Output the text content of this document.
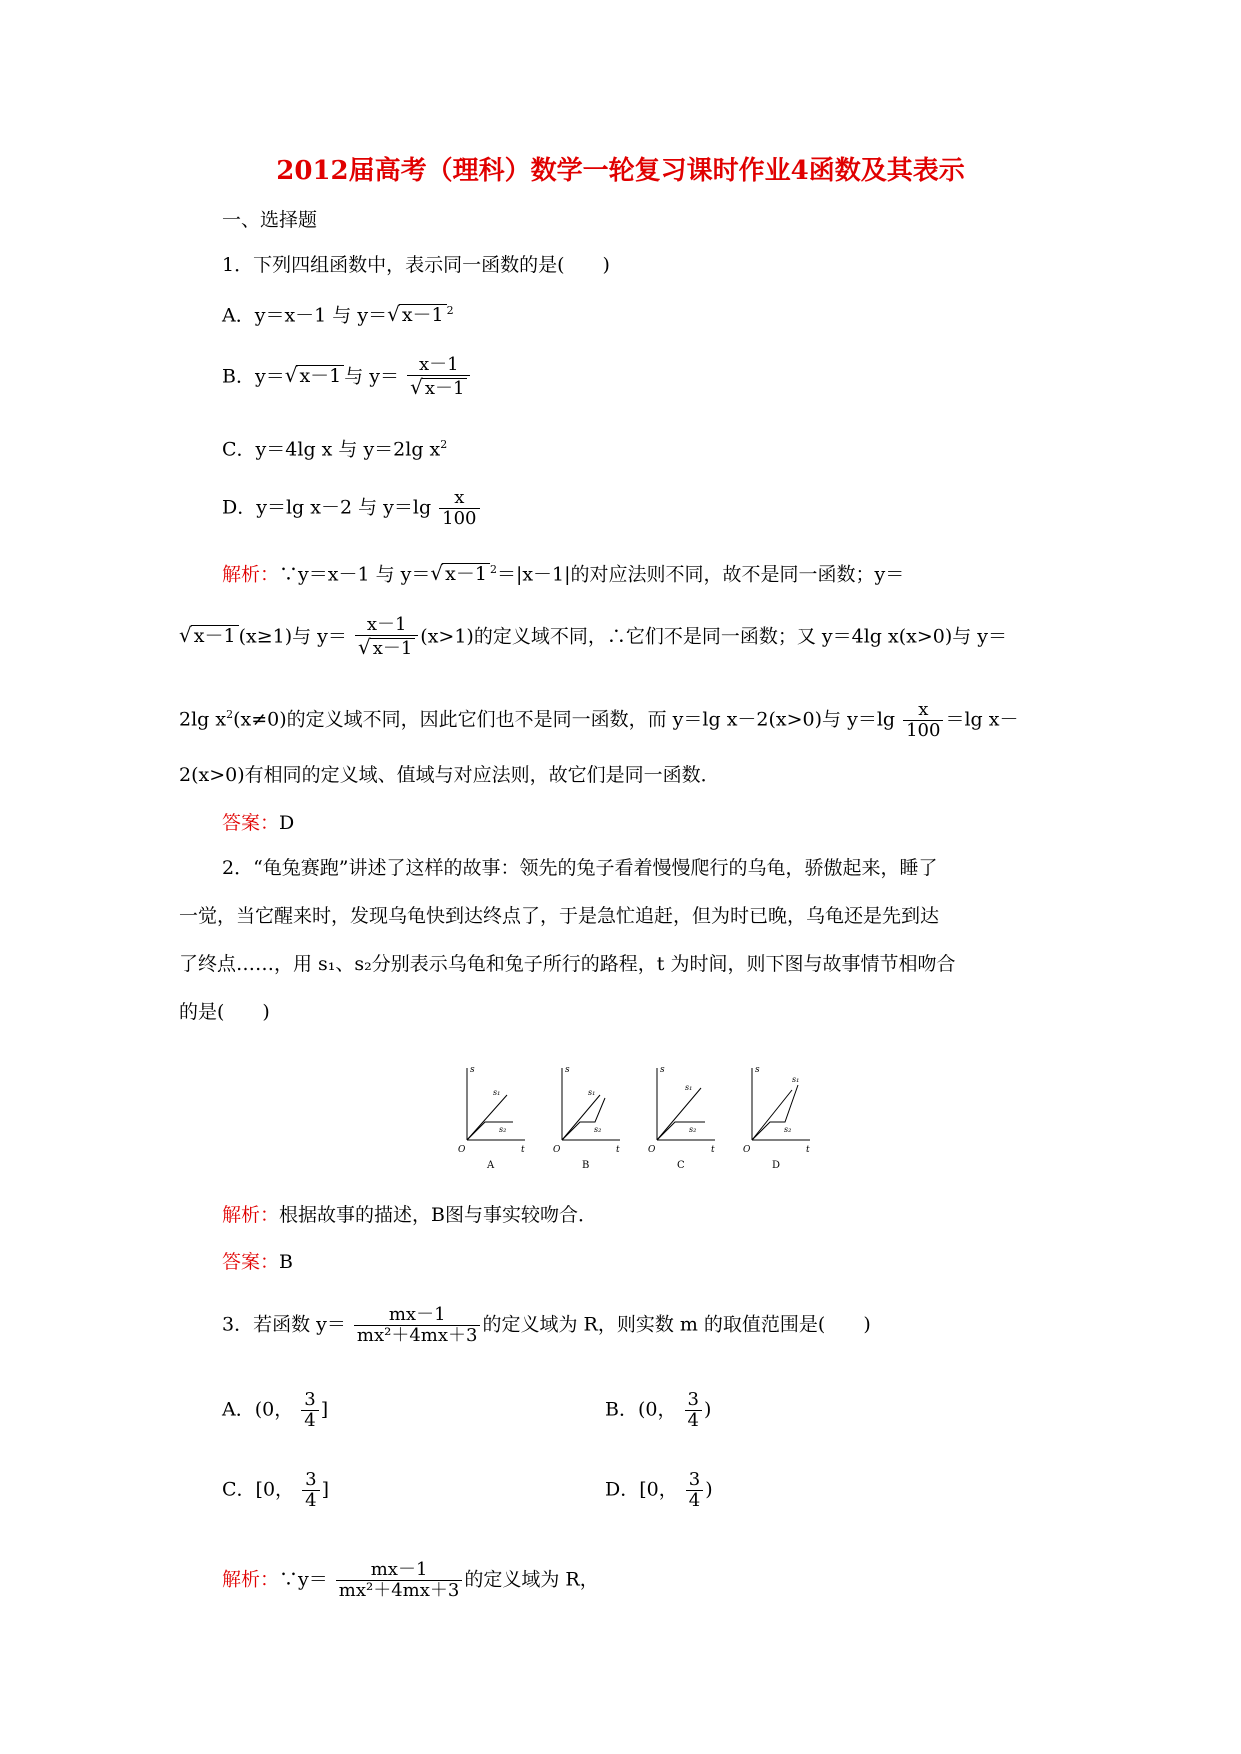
2012届高考（理科）数学一轮复习课时作业4函数及其表示
一、选择题
1．下列四组函数中，表示同一函数的是(　　)
A．y＝x－1 与 y＝√ x－1 $^2$
B．y＝√ x－1 与 $y= \frac{x-1}{√ x-1}$
C．y＝4lg x 与 y＝2lg $x^2$
D．y＝lg x－2 与 $y=\lg \frac{x}{100}$
解析：∵y＝x－1 与 y＝√ x－1 $^2$＝|x－1|的对应法则不同，故不是同一函数；y＝
√ x－1 (x≥1)与 $y= \frac{x-1}{√ x-1} (x>1)$的定义域不同，∴它们不是同一函数；又 y＝4lg x(x>0)与 y＝
2lg $x^2(x\ne 0)$的定义域不同，因此它们也不是同一函数，而 y＝lg x－2(x>0)与 $y=\lg \frac{x}{100} =\lg$ x－
2(x>0)有相同的定义域、值域与对应法则，故它们是同一函数．
答案：D
2．“龟兔赛跑”讲述了这样的故事：领先的兔子看着慢慢爬行的乌龟，骄傲起来，睡了
一觉，当它醒来时，发现乌龟快到达终点了，于是急忙追赶，但为时已晚，乌龟还是先到达
了终点……，用 s₁、s₂分别表示乌龟和兔子所行的路程，t 为时间，则下图与故事情节相吻合
的是(　　)
s
t
O
s₁
s₂
A
s
t
O
s₁
s₂
B
s
t
O
s₁
s₂
C
s
t
O
s₁
s₂
D
解析：根据故事的描述，B图与事实较吻合．
答案：B
3．若函数 $y= \frac{mx-1}{\text{mx²＋4mx＋3}}$ 的定义域为 R，则实数 m 的取值范围是(　　)
A．(0， $\frac{3}{4}$ ]	B．(0， $\frac{3}{4}$ )
C．[0， $\frac{3}{4}$ ]	D．[0， $\frac{3}{4}$ )
解析：∵y＝ $\frac{mx-1}{\text{mx²＋4mx＋3}}$ 的定义域为 R，
